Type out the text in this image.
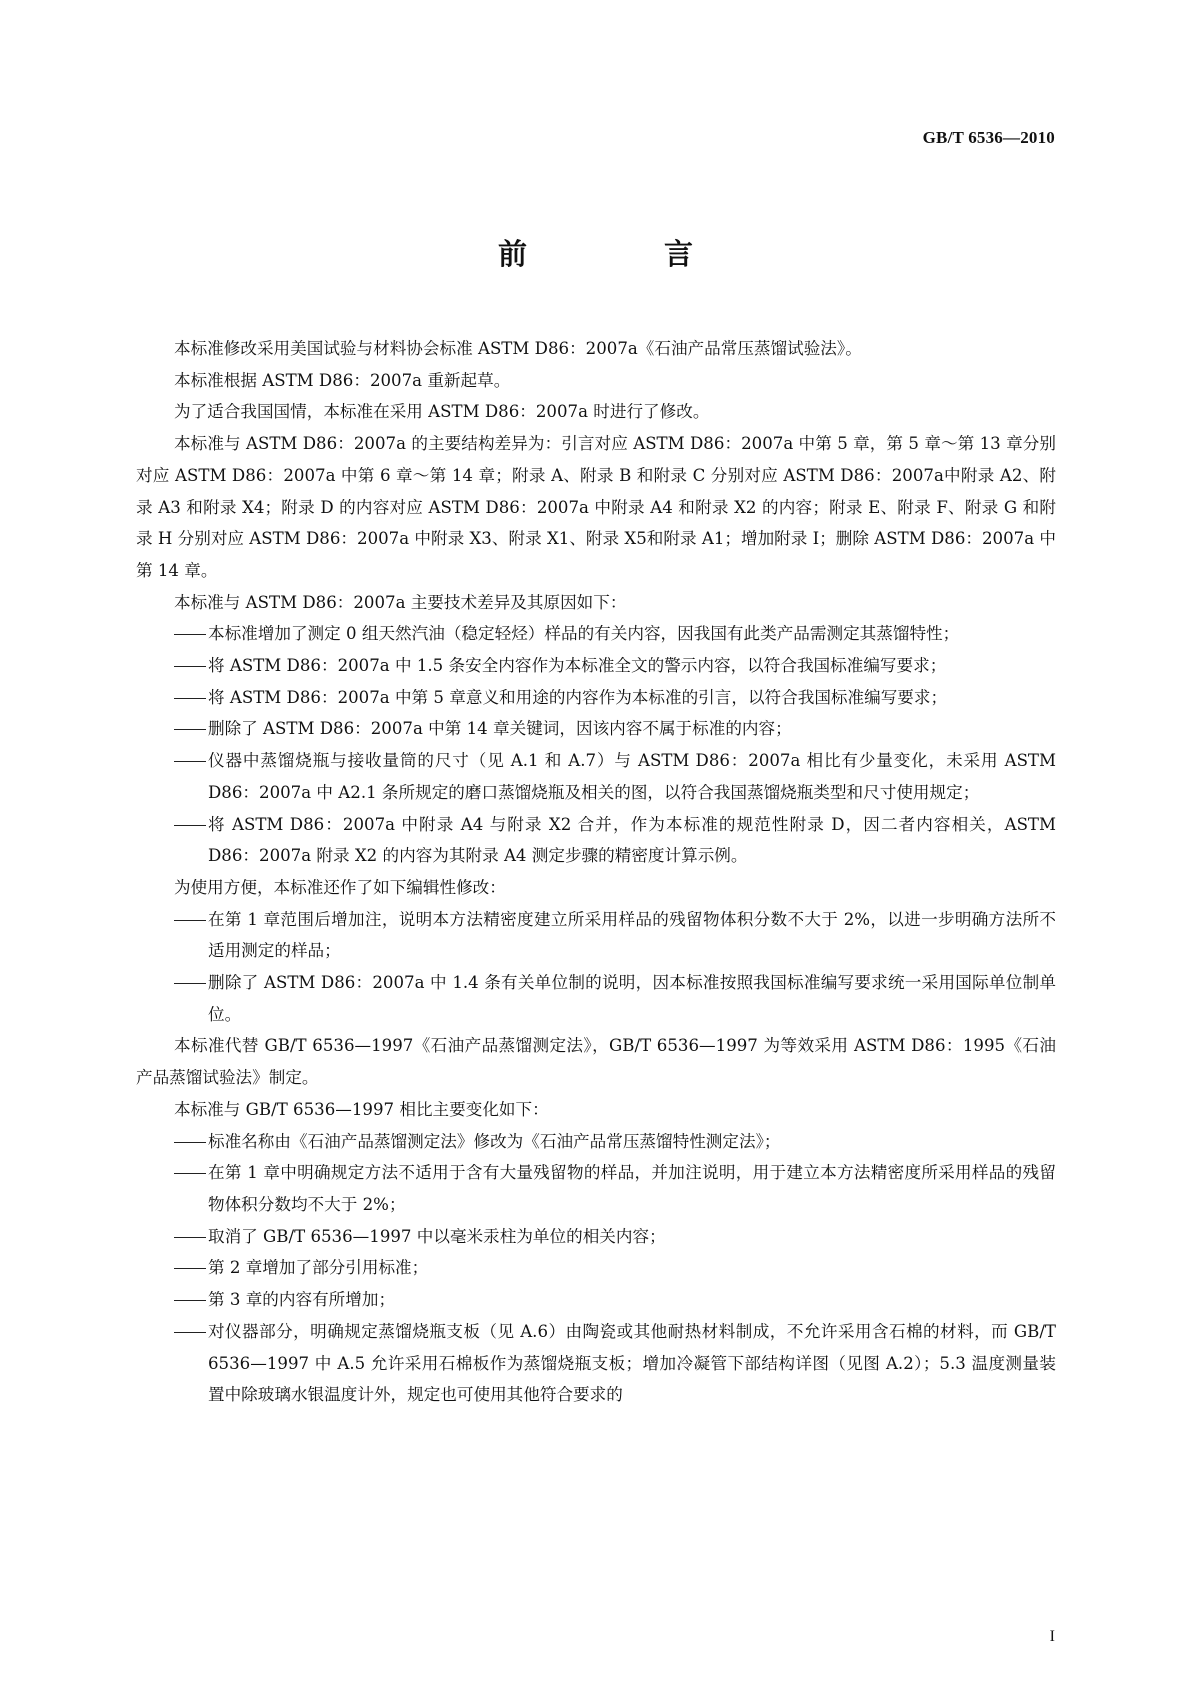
GB/T 6536—2010
前　言

本标准修改采用美国试验与材料协会标准 ASTM D86：2007a《石油产品常压蒸馏试验法》。

本标准根据 ASTM D86：2007a 重新起草。

为了适合我国国情，本标准在采用 ASTM D86：2007a 时进行了修改。

本标准与 ASTM D86：2007a 的主要结构差异为：引言对应 ASTM D86：2007a 中第 5 章，第 5 章～第 13 章分别对应 ASTM D86：2007a 中第 6 章～第 14 章；附录 A、附录 B 和附录 C 分别对应 ASTM D86：2007a中附录 A2、附录 A3 和附录 X4；附录 D 的内容对应 ASTM D86：2007a 中附录 A4 和附录 X2 的内容；附录 E、附录 F、附录 G 和附录 H 分别对应 ASTM D86：2007a 中附录 X3、附录 X1、附录 X5和附录 A1；增加附录 I；删除 ASTM D86：2007a 中第 14 章。

本标准与 ASTM D86：2007a 主要技术差异及其原因如下：

本标准增加了测定 0 组天然汽油（稳定轻烃）样品的有关内容，因我国有此类产品需测定其蒸馏特性；
将 ASTM D86：2007a 中 1.5 条安全内容作为本标准全文的警示内容，以符合我国标准编写要求；
将 ASTM D86：2007a 中第 5 章意义和用途的内容作为本标准的引言，以符合我国标准编写要求；
删除了 ASTM D86：2007a 中第 14 章关键词，因该内容不属于标准的内容；
仪器中蒸馏烧瓶与接收量筒的尺寸（见 A.1 和 A.7）与 ASTM D86：2007a 相比有少量变化，未采用 ASTM D86：2007a 中 A2.1 条所规定的磨口蒸馏烧瓶及相关的图，以符合我国蒸馏烧瓶类型和尺寸使用规定；
将 ASTM D86：2007a 中附录 A4 与附录 X2 合并，作为本标准的规范性附录 D，因二者内容相关，ASTM D86：2007a 附录 X2 的内容为其附录 A4 测定步骤的精密度计算示例。

为使用方便，本标准还作了如下编辑性修改：

在第 1 章范围后增加注，说明本方法精密度建立所采用样品的残留物体积分数不大于 2%，以进一步明确方法所不适用测定的样品；
删除了 ASTM D86：2007a 中 1.4 条有关单位制的说明，因本标准按照我国标准编写要求统一采用国际单位制单位。

本标准代替 GB/T 6536—1997《石油产品蒸馏测定法》，GB/T 6536—1997 为等效采用 ASTM D86：1995《石油产品蒸馏试验法》制定。

本标准与 GB/T 6536—1997 相比主要变化如下：

标准名称由《石油产品蒸馏测定法》修改为《石油产品常压蒸馏特性测定法》；
在第 1 章中明确规定方法不适用于含有大量残留物的样品，并加注说明，用于建立本方法精密度所采用样品的残留物体积分数均不大于 2%；
取消了 GB/T 6536—1997 中以毫米汞柱为单位的相关内容；
第 2 章增加了部分引用标准；
第 3 章的内容有所增加；
对仪器部分，明确规定蒸馏烧瓶支板（见 A.6）由陶瓷或其他耐热材料制成，不允许采用含石棉的材料，而 GB/T 6536—1997 中 A.5 允许采用石棉板作为蒸馏烧瓶支板；增加冷凝管下部结构详图（见图 A.2）；5.3 温度测量装置中除玻璃水银温度计外，规定也可使用其他符合要求的
I
